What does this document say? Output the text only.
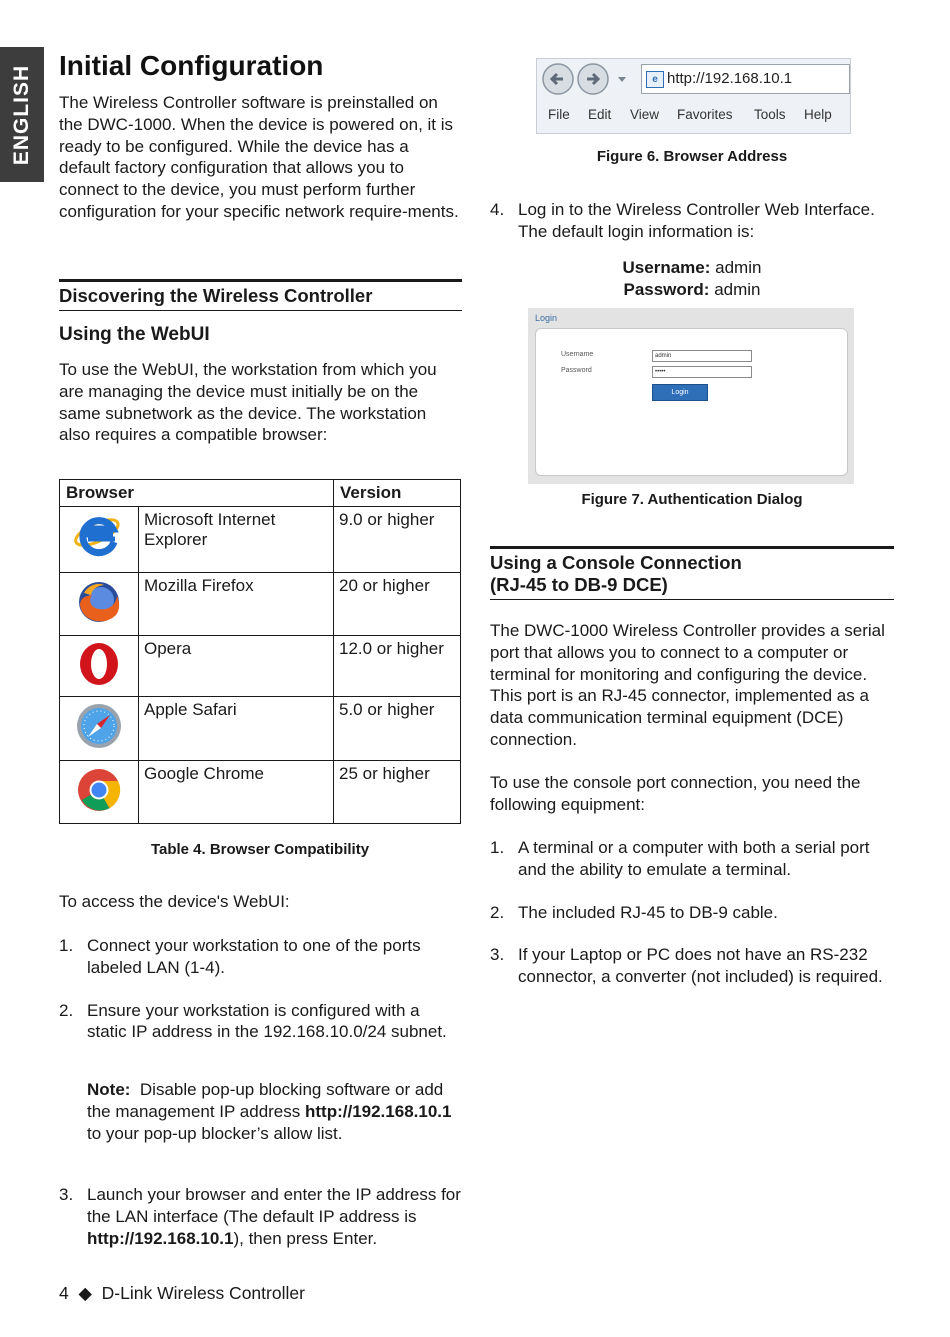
ENGLISH Initial Configuration

The Wireless Controller software is preinstalled on the DWC-1000. When the device is powered on, it is ready to be configured. While the device has a default factory configuration that allows you to connect to the device, you must perform further configuration for your specific network require-ments.

Discovering the Wireless Controller
Using the WebUI

To use the WebUI, the workstation from which you are managing the device must initially be on the same subnetwork as the device. The workstation also requires a compatible browser:

Browser		Version
	Microsoft Internet Explorer	9.0 or higher
	Mozilla Firefox	20 or higher
	Opera	12.0 or higher
	Apple Safari	5.0 or higher
	Google Chrome	25 or higher
Table 4. Browser Compatibility

To access the device's WebUI:

1. Connect your workstation to one of the ports labeled LAN (1-4).
2. Ensure your workstation is configured with a static IP address in the 192.168.10.0/24 subnet.

Note: Disable pop-up blocking software or add the management IP address http://192.168.10.1 to your pop-up blocker’s allow list.

3. Launch your browser and enter the IP address for the LAN interface (The default IP address is http://192.168.10.1), then press Enter.
e http://192.168.10.1
File Edit View Favorites Tools Help
Figure 6. Browser Address
4. Log in to the Wireless Controller Web Interface. The default login information is:
Username: admin
Password: admin
Login
Username
Password
admin
•••••
Login
Figure 7. Authentication Dialog
Using a Console Connection
(RJ-45 to DB-9 DCE)

The DWC-1000 Wireless Controller provides a serial port that allows you to connect to a computer or terminal for monitoring and configuring the device. This port is an RJ-45 connector, implemented as a data communication terminal equipment (DCE) connection.

To use the console port connection, you need the following equipment:

1. A terminal or a computer with both a serial port and the ability to emulate a terminal.
2. The included RJ-45 to DB-9 cable.
3. If your Laptop or PC does not have an RS-232 connector, a converter (not included) is required.
4 ◆ D-Link Wireless Controller
